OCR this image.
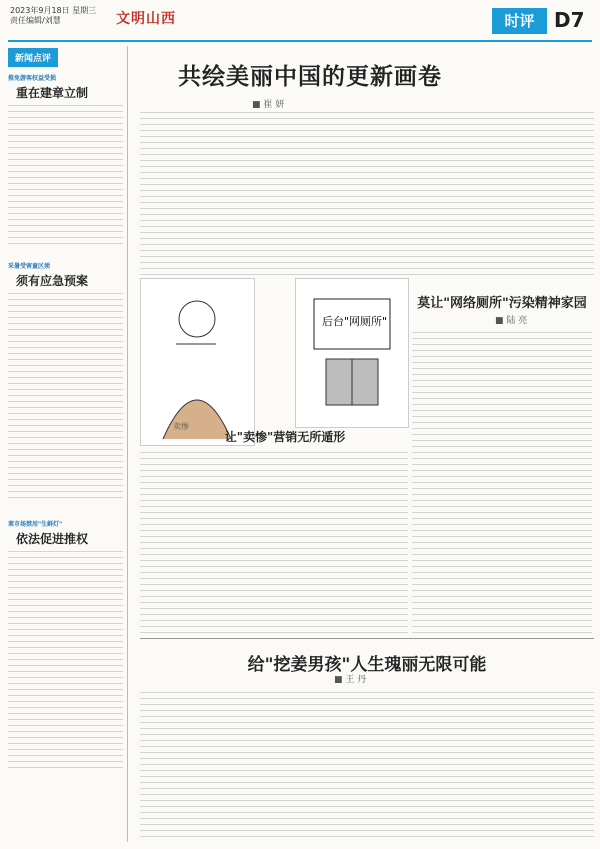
2023年9月18日 星期三
责任编辑/刘慧	文明山西	时评 D7
新闻点评
推免游客权益受损
重在建章立制
采暑受害童区须
须有应急预案
莱市场禁用"生鲜灯"
依法促进推权
共绘美丽中国的更新画卷
■ 崔 妍
卖惨
后台"网厕所"
让"卖惨"营销无所遁形
莫让"网络厕所"污染精神家园
■ 陆 亮
给"挖姜男孩"人生瑰丽无限可能
■ 王 丹
